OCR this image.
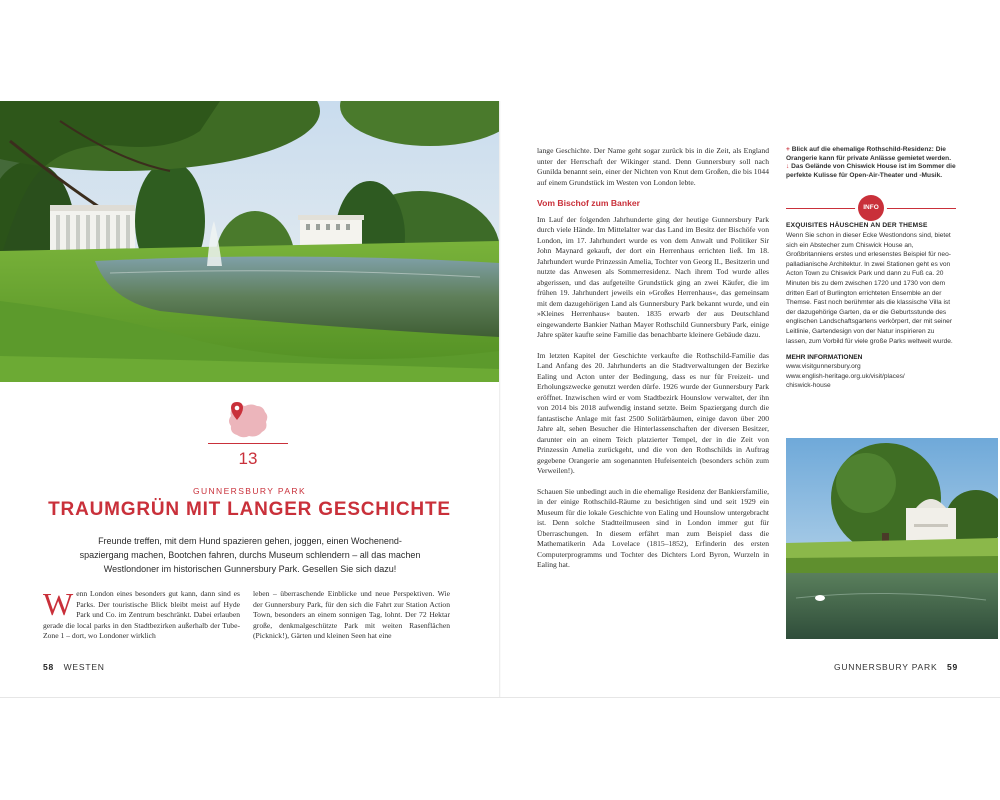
13
GUNNERSBURY PARK
TRAUMGRÜN MIT LANGER GESCHICHTE
Freunde treffen, mit dem Hund spazieren gehen, joggen, einen Wochenend-spaziergang machen, Bootchen fahren, durchs Museum schlendern – all das machen Westlondoner im historischen Gunnersbury Park. Gesellen Sie sich dazu!
W enn London eines besonders gut kann, dann sind es Parks. Der touristische Blick bleibt meist auf Hyde Park und Co. im Zentrum beschränkt. Dabei erlauben gerade die local parks in den Stadtbezirken außerhalb der Tube-Zone 1 – dort, wo Londoner wirklich

leben – überraschende Einblicke und neue Perspektiven. Wie der Gunnersbury Park, für den sich die Fahrt zur Station Action Town, besonders an einem sonnigen Tag, lohnt. Der 72 Hektar große, denkmalgeschützte Park mit weiten Rasenflächen (Picknick!), Gärten und kleinen Seen hat eine

58 WESTEN

lange Geschichte. Der Name geht sogar zurück bis in die Zeit, als England unter der Herrschaft der Wikinger stand. Denn Gunnersbury soll nach Gunilda benannt sein, einer der Nichten von Knut dem Großen, die bis 1044 auf einem Grundstück im Westen von London lebte.

Vom Bischof zum Banker

Im Lauf der folgenden Jahrhunderte ging der heutige Gunnersbury Park durch viele Hände. Im Mittelalter war das Land im Besitz der Bischöfe von London, im 17. Jahrhundert wurde es von dem Anwalt und Politiker Sir John Maynard gekauft, der dort ein Herrenhaus errichten ließ. Im 18. Jahrhundert wurde Prinzessin Amelia, Tochter von Georg II., Besitzerin und nutzte das Anwesen als Sommerresidenz. Nach ihrem Tod wurde alles abgerissen, und das aufgeteilte Grundstück ging an zwei Käufer, die im frühen 19. Jahrhundert jeweils ein »Großes Herrenhaus«, das gemeinsam mit dem dazugehörigen Land als Gunnersbury Park bekannt wurde, und ein »Kleines Herrenhaus« bauten. 1835 erwarb der aus Deutschland eingewanderte Bankier Nathan Mayer Rothschild Gunnersbury Park, einige Jahre später kaufte seine Familie das benachbarte kleinere Gebäude dazu.

Im letzten Kapitel der Geschichte verkaufte die Rothschild-Familie das Land Anfang des 20. Jahrhunderts an die Stadtverwaltungen der Bezirke Ealing und Acton unter der Bedingung, dass es nur für Freizeit- und Erholungszwecke genutzt werden dürfe. 1926 wurde der Gunnersbury Park eröffnet. Inzwischen wird er vom Stadtbezirk Hounslow verwaltet, der ihn von 2014 bis 2018 aufwendig instand setzte. Beim Spaziergang durch die fantastische Anlage mit fast 2500 Solitärbäumen, einige davon über 200 Jahre alt, sehen Besucher die Hinterlassenschaften der diversen Besitzer, darunter ein an einem Teich platzierter Tempel, der in die Zeit von Prinzessin Amelia zurückgeht, und die von den Rothschilds in Auftrag gegebene Orangerie am sogenannten Hufeisenteich (besonders schön zum Verweilen!).

Schauen Sie unbedingt auch in die ehemalige Residenz der Bankiersfamilie, in der einige Rothschild-Räume zu besichtigen sind und seit 1929 ein Museum für die lokale Geschichte von Ealing und Hounslow untergebracht ist. Denn solche Stadtteilmuseen sind in London immer gut für Überraschungen. In diesem erfährt man zum Beispiel dass die Mathematikerin Ada Lovelace (1815–1852), Erfinderin des ersten Computerprogramms und Tochter des Dichters Lord Byron, Wurzeln in Ealing hat.

+ Blick auf die ehemalige Rothschild-Residenz: Die Orangerie kann für private Anlässe gemietet werden.
↓ Das Gelände von Chiswick House ist im Sommer die perfekte Kulisse für Open-Air-Theater und -Musik.
INFO
EXQUISITES HÄUSCHEN AN DER THEMSE
Wenn Sie schon in dieser Ecke Westlondons sind, bietet sich ein Abstecher zum Chiswick House an, Großbritanniens erstes und erlesenstes Beispiel für neo-palladianische Architektur. In zwei Stationen geht es von Acton Town zu Chiswick Park und dann zu Fuß ca. 20 Minuten bis zu dem zwischen 1720 und 1730 von dem dritten Earl of Burlington errichteten Ensemble an der Themse. Fast noch berühmter als die klassische Villa ist der dazugehörige Garten, da er die Geburtsstunde des englischen Landschaftsgartens verkörpert, der mit seiner Leitlinie, Gartendesign von der Natur inspirieren zu lassen, zum Vorbild für viele große Parks weltweit wurde.
MEHR INFORMATIONEN
www.visitgunnersbury.org
www.english-heritage.org.uk/visit/places/
chiswick-house
GUNNERSBURY PARK 59
